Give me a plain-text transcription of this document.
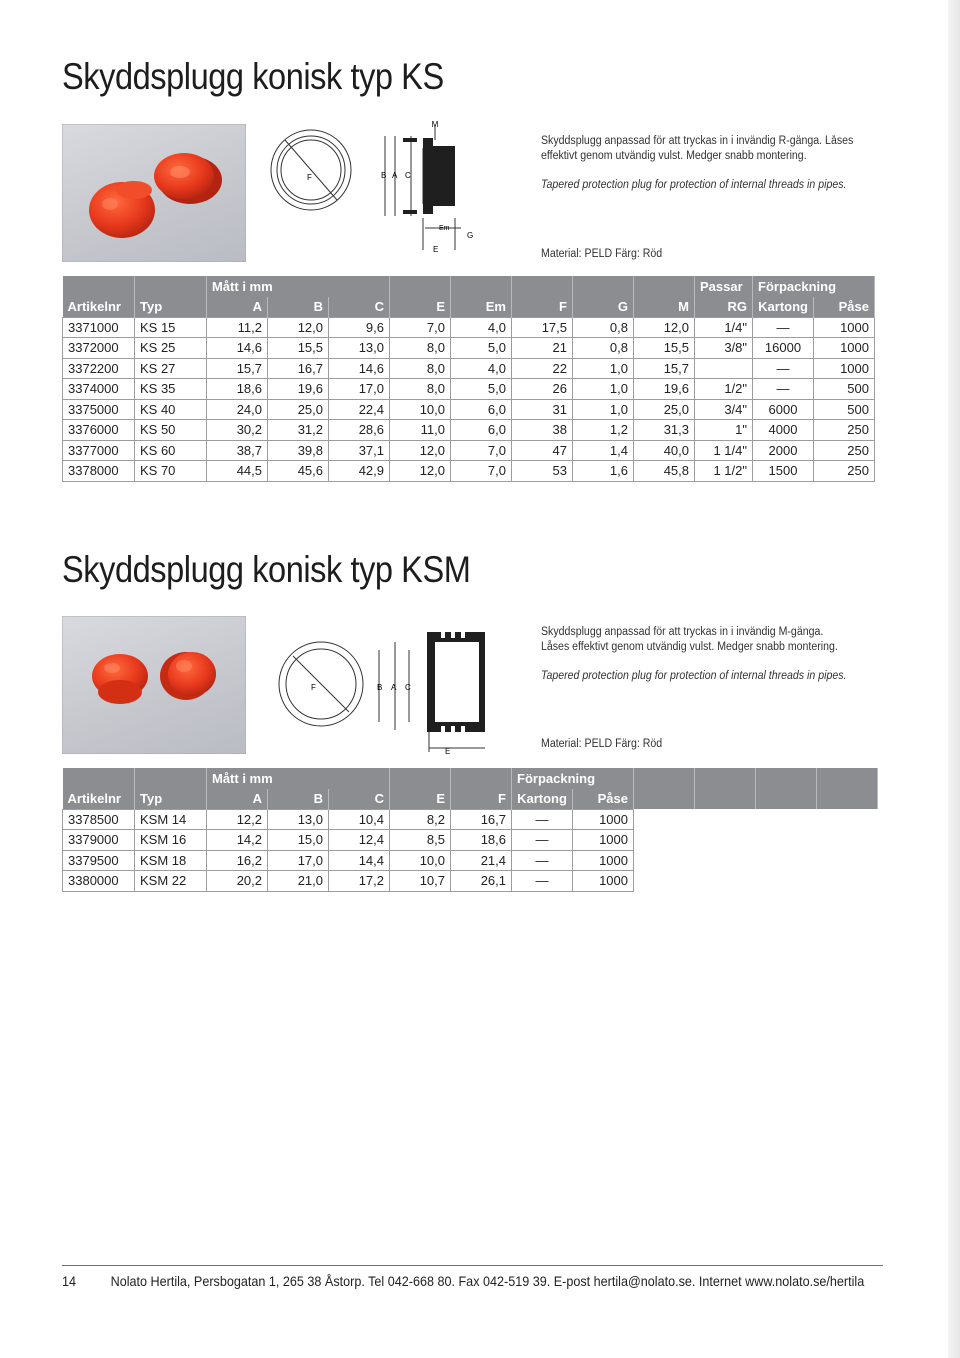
Skyddsplugg konisk typ KS
M
F	B A C
Em
G
E
Skyddsplugg anpassad för att tryckas in i invändig R-gänga. Låses effektivt genom utvändig vulst. Medger snabb montering.
Tapered protection plug for protection of internal threads in pipes.
Material: PELD Färg: Röd
		Mått i mm								Passar	Förpackning	
Artikelnr	Typ	A	B	C	E	Em	F	G	M	RG	Kartong	Påse
3371000	KS 15	11,2	12,0	9,6	7,0	4,0	17,5	0,8	12,0	1/4"	—	1000
3372000	KS 25	14,6	15,5	13,0	8,0	5,0	21	0,8	15,5	3/8"	16000	1000
3372200	KS 27	15,7	16,7	14,6	8,0	4,0	22	1,0	15,7		—	1000
3374000	KS 35	18,6	19,6	17,0	8,0	5,0	26	1,0	19,6	1/2"	—	500
3375000	KS 40	24,0	25,0	22,4	10,0	6,0	31	1,0	25,0	3/4"	6000	500
3376000	KS 50	30,2	31,2	28,6	11,0	6,0	38	1,2	31,3	1"	4000	250
3377000	KS 60	38,7	39,8	37,1	12,0	7,0	47	1,4	40,0	1 1/4"	2000	250
3378000	KS 70	44,5	45,6	42,9	12,0	7,0	53	1,6	45,8	1 1/2"	1500	250
Skyddsplugg konisk typ KSM
F	B A C
E
Skyddsplugg anpassad för att tryckas in i invändig M-gänga. Låses effektivt genom utvändig vulst. Medger snabb montering.
Tapered protection plug for protection of internal threads in pipes.
Material: PELD Färg: Röd
		Mått i mm					Förpackning					
Artikelnr	Typ	A	B	C	E	F	Kartong	Påse				
3378500	KSM 14	12,2	13,0	10,4	8,2	16,7	—	1000				
3379000	KSM 16	14,2	15,0	12,4	8,5	18,6	—	1000				
3379500	KSM 18	16,2	17,0	14,4	10,0	21,4	—	1000				
3380000	KSM 22	20,2	21,0	17,2	10,7	26,1	—	1000				
14 Nolato Hertila, Persbogatan 1, 265 38 Åstorp. Tel 042-668 80. Fax 042-519 39. E-post hertila@nolato.se. Internet www.nolato.se/hertila
